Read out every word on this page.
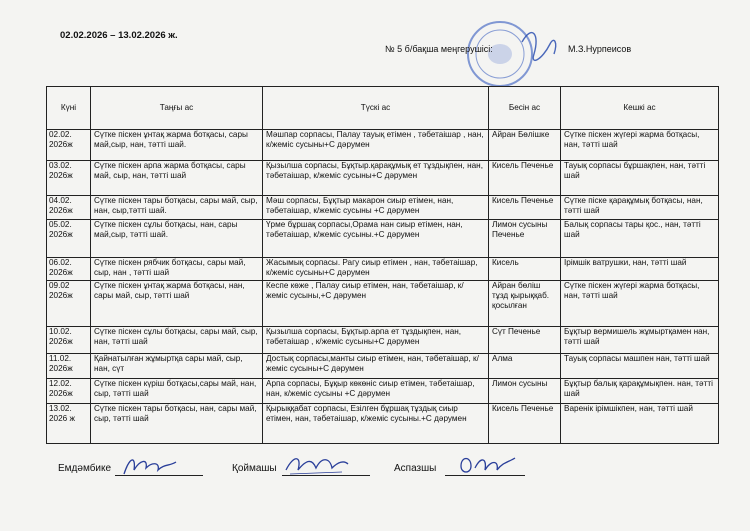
02.02.2026 – 13.02.2026 ж.
№ 5 б/бақша меңгерушісі:	М.З.Нурпеисов
Күні	Таңғы ас	Түскі ас	Бесін ас	Кешкі ас
02.02. 2026ж	Сүтке піскен ұнтақ жарма ботқасы, сары май,сыр, нан, тәтті шай.	Мәшпар сорпасы, Палау тауық етімен , тәбетаішар , нан, к/жеміс сусыны+С дәрумен	Айран Бөлішке	Сүтке піскен жүгері жарма ботқасы, нан, тәтті шай
03.02. 2026ж	Сүтке піскен арпа жарма ботқасы, сары май, сыр, нан, тәтті шай	Қызылша сорпасы, Бұқтыр.қарақұмық ет тұздықпен, нан, тәбетаішар, к/жеміс сусыны+С дәрумен	Кисель Печенье	Тауық сорпасы бұршақпен, нан, тәтті шай
04.02. 2026ж	Сүтке піскен тары ботқасы, сары май, сыр, нан, сыр,тәтті шай.	Мәш сорпасы, Бұқтыр макарон сиыр етімен, нан, тәбетаішар, к/жеміс сусыны +С дәрумен	Кисель Печенье	Сүтке піске қарақұмық ботқасы, нан, тәтті шай
05.02. 2026ж	Сүтке піскен сұлы ботқасы, нан, сары май,сыр, тәтті шай.	Үрме бұршақ сорпасы,Орама нан сиыр етімен, нан, тәбетаішар, к/жеміс сусыны.+С дәрумен	Лимон сусыны Печенье	Балық сорпасы тары қос., нан, тәтті шай
06.02. 2026ж	Сүтке піскен рябчик ботқасы, сары май, сыр, нан , тәтті шай	Жасымық сорпасы. Рагу сиыр етімен , нан, тәбетаішар, к/жеміс сусыны+С дәрумен	Кисель	Ірімшік ватрушки, нан, тәтті шай
09.02 2026ж	Сүтке піскен ұнтақ жарма ботқасы, нан, сары май, сыр, тәтті шай	Кеспе көже , Палау сиыр етімен, нан, тәбетаішар, к/жеміс сусыны,+С дәрумен	Айран бөліш тұзд қырыққаб. қосылған	Сүтке піскен жүгері жарма ботқасы, нан, тәтті шай
10.02. 2026ж	Сүтке піскен сұлы ботқасы, сары май, сыр, нан, тәтті шай	Қызылша сорпасы, Бұқтыр.арпа ет тұздықпен, нан, тәбетаішар , к/жеміс сусыны+С дәрумен	Сүт Печенье	Бұқтыр вермишель жұмыртқамен нан, тәтті шай
11.02. 2026ж	Қайнатылған жұмыртқа сары май, сыр, нан, сүт	Достық сорпасы,манты сиыр етімен, нан, тәбетаішар, к/жеміс сусыны+С дәрумен	Алма	Тауық сорпасы машпен нан, тәтті шай
12.02. 2026ж	Сүтке піскен күріш ботқасы,сары май, нан, сыр, тәтті шай	Арпа сорпасы, Бұқыр көкөніс сиыр етімен, тәбетаішар, нан, к/жеміс сусыны +С дәрумен	Лимон сусыны	Бұқтыр балық қарақұмықпен. нан, тәтті шай
13.02. 2026 ж	Сүтке піскен тары ботқасы, нан, сары май, сыр, тәтті шай	Қырыққабат сорпасы, Езілген бұршақ тұздық сиыр етімен, нан, тәбетаішар, к/жеміс сусыны.+С дәрумен	Кисель Печенье	Варенік ірімшікпен, нан, тәтті шай
Емдәмбике	Қоймашы	Аспазшы
